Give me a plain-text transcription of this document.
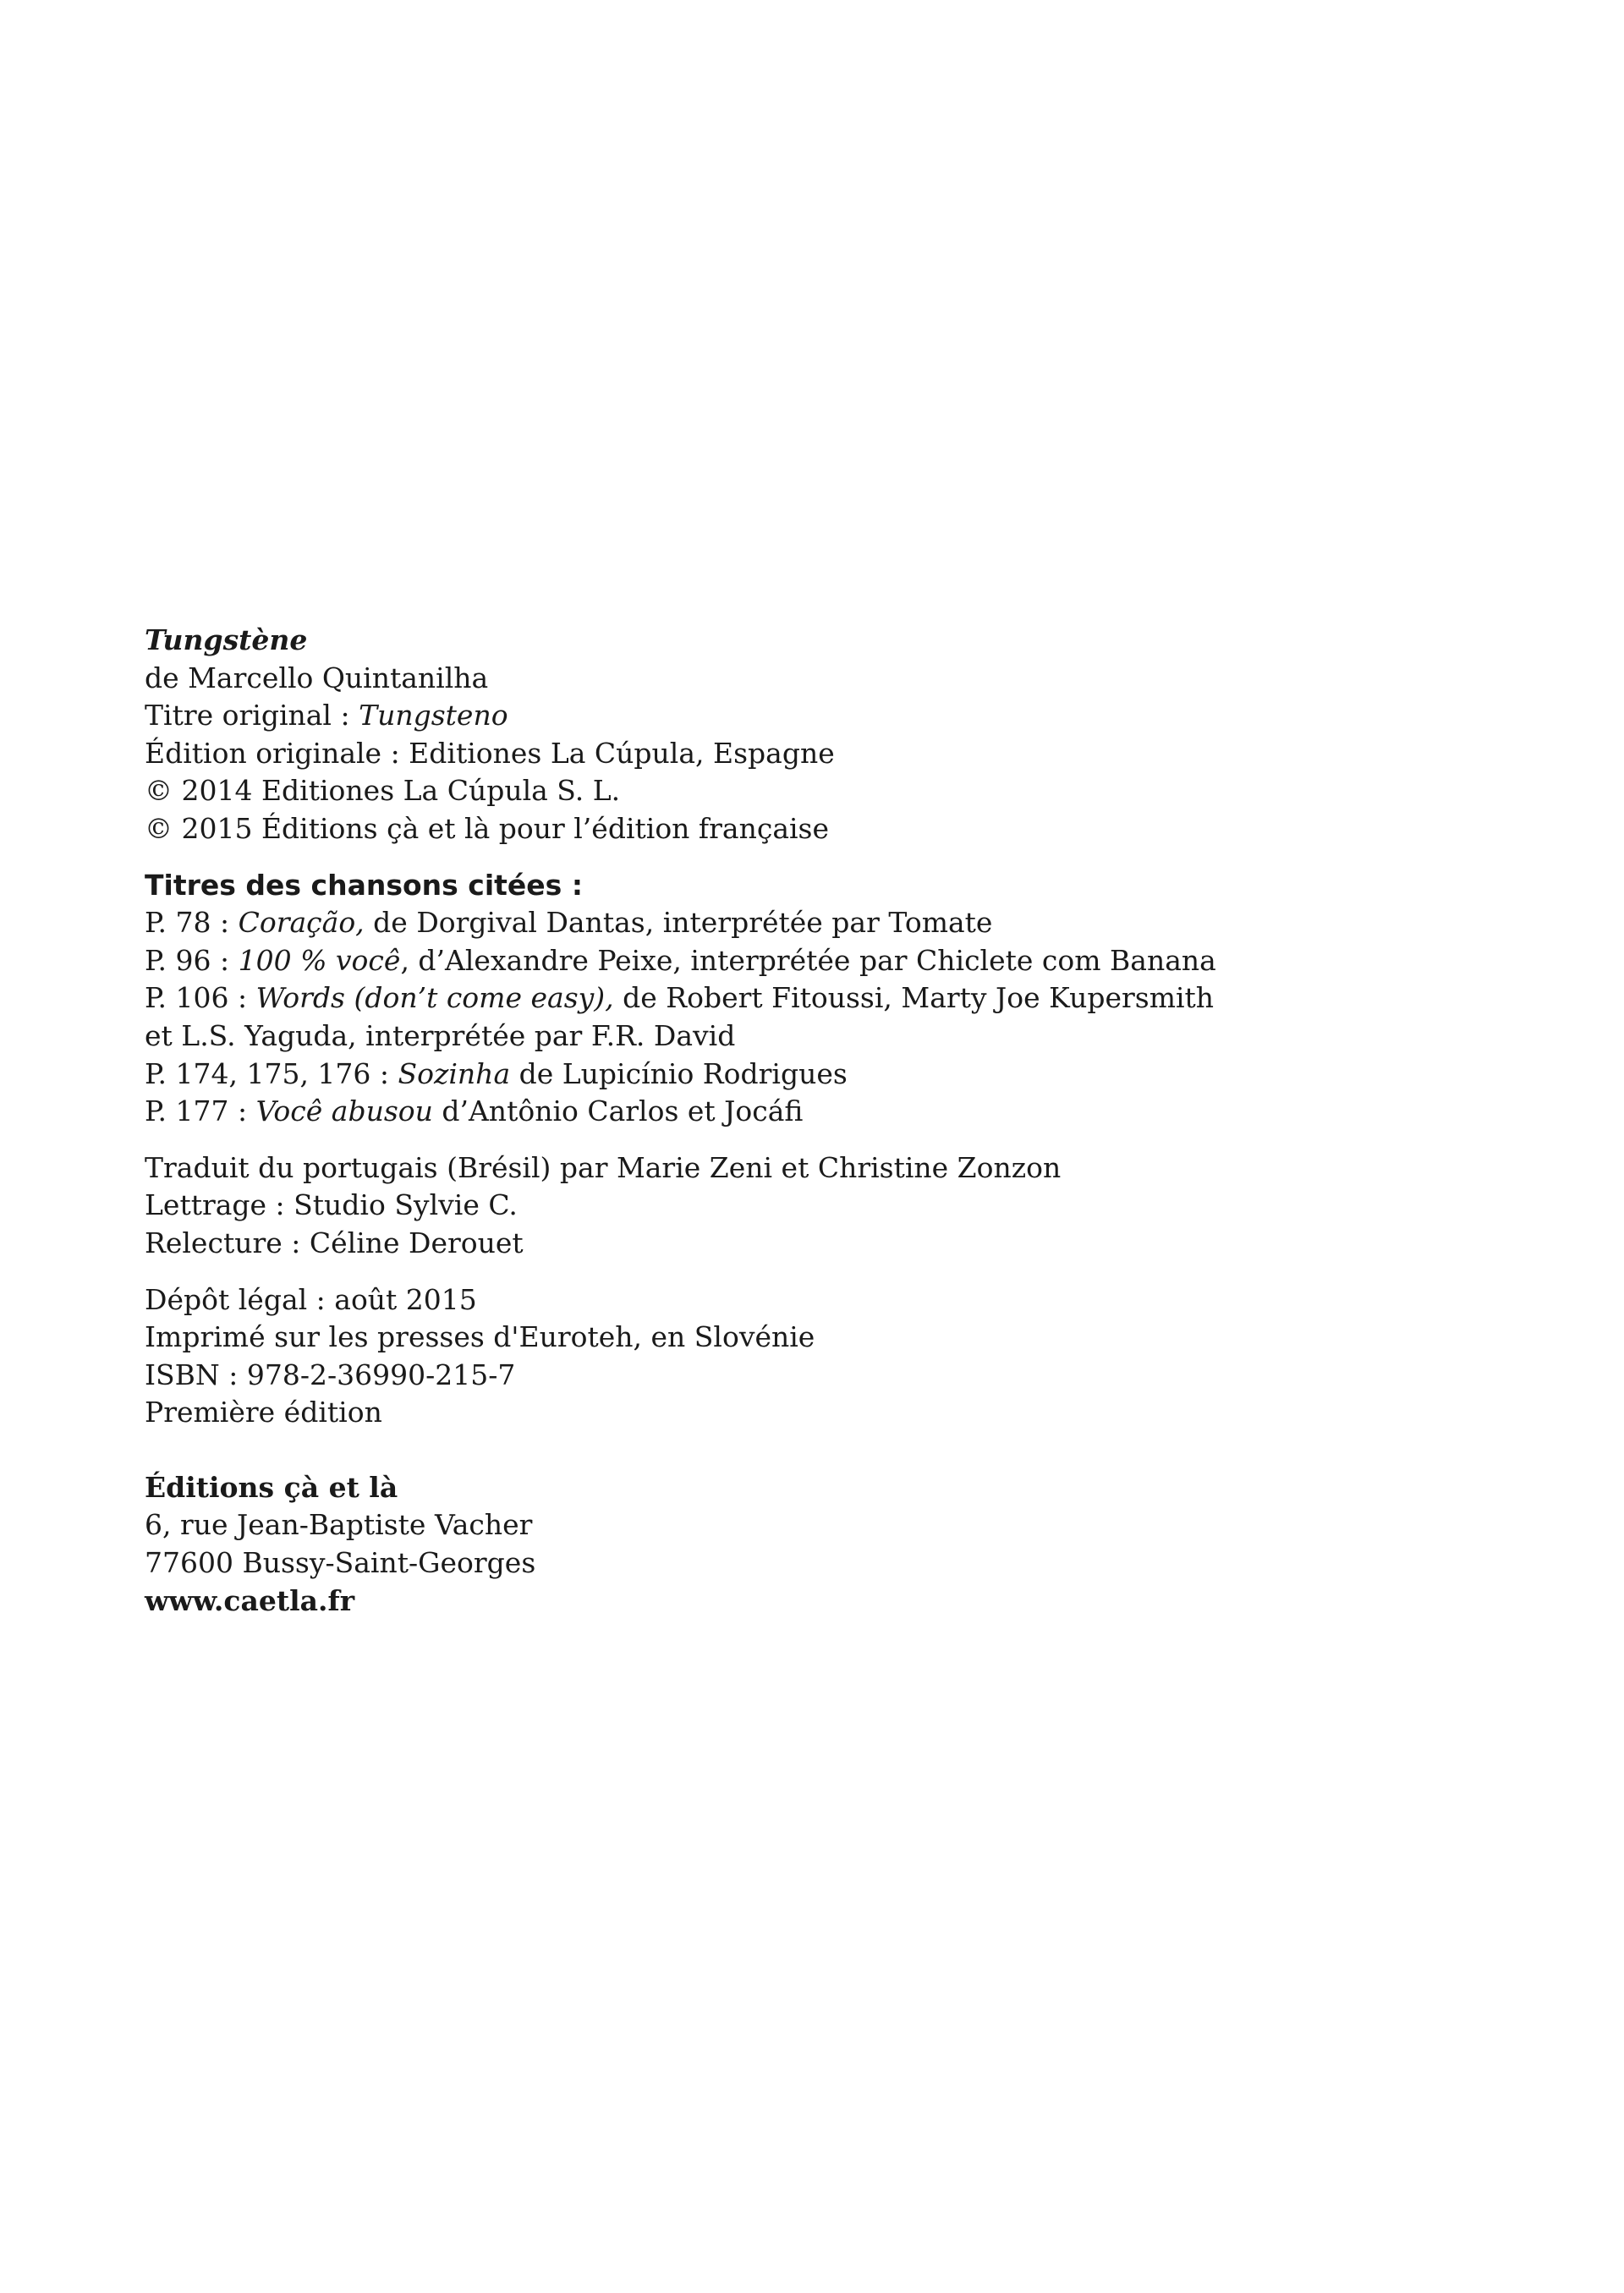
Tungstène
de Marcello Quintanilha
Titre original : Tungsteno
Édition originale : Editiones La Cúpula, Espagne
© 2014 Editiones La Cúpula S. L.
© 2015 Éditions çà et là pour l’édition française
Titres des chansons citées :
P. 78 : Coração, de Dorgival Dantas, interprétée par Tomate
P. 96 : 100 % você, d’Alexandre Peixe, interprétée par Chiclete com Banana
P. 106 : Words (don’t come easy), de Robert Fitoussi, Marty Joe Kupersmith
et L.S. Yaguda, interprétée par F.R. David
P. 174, 175, 176 : Sozinha de Lupicínio Rodrigues
P. 177 : Você abusou d’Antônio Carlos et Jocáfi
Traduit du portugais (Brésil) par Marie Zeni et Christine Zonzon
Lettrage : Studio Sylvie C.
Relecture : Céline Derouet
Dépôt légal : août 2015
Imprimé sur les presses d'Euroteh, en Slovénie
ISBN : 978-2-36990-215-7
Première édition
Éditions çà et là
6, rue Jean-Baptiste Vacher
77600 Bussy-Saint-Georges
www.caetla.fr
